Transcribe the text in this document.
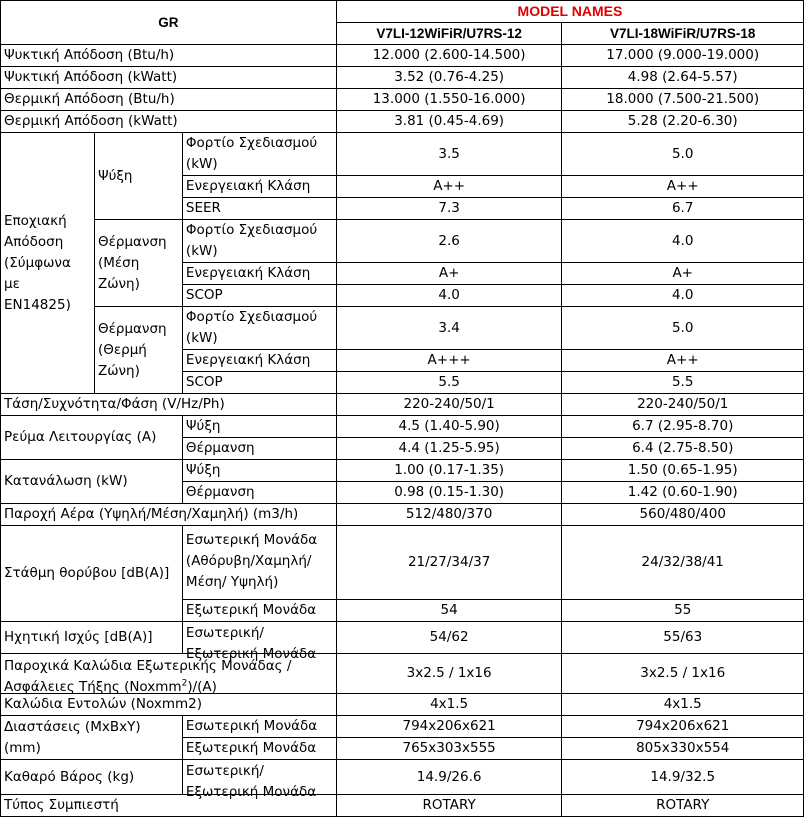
GR			MODEL NAMES	
			V7LI-12WiFiR/U7RS-12	V7LI-18WiFiR/U7RS-18
Ψυκτική Απόδοση (Btu/h)			12.000 (2.600-14.500)	17.000 (9.000-19.000)
Ψυκτική Απόδοση (kWatt)			3.52 (0.76-4.25)	4.98 (2.64-5.57)
Θερμική Απόδοση (Btu/h)			13.000 (1.550-16.000)	18.000 (7.500-21.500)
Θερμική Απόδοση (kWatt)			3.81 (0.45-4.69)	5.28 (2.20-6.30)
Εποχιακή Απόδοση (Σύμφωνα με EN14825)	Ψύξη	Φορτίο Σχεδιασμού (kW)	3.5	5.0
		Ενεργειακή Κλάση	A++	A++
		SEER	7.3	6.7
	Θέρμανση (Μέση Ζώνη)	Φορτίο Σχεδιασμού (kW)	2.6	4.0
		Ενεργειακή Κλάση	A+	A+
		SCOP	4.0	4.0
	Θέρμανση (Θερμή Ζώνη)	Φορτίο Σχεδιασμού (kW)	3.4	5.0
		Ενεργειακή Κλάση	A+++	A++
		SCOP	5.5	5.5
Τάση/Συχνότητα/Φάση (V/Hz/Ph)			220-240/50/1	220-240/50/1
Ρεύμα Λειτουργίας (A)		Ψύξη	4.5 (1.40-5.90)	6.7 (2.95-8.70)
		Θέρμανση	4.4 (1.25-5.95)	6.4 (2.75-8.50)
Κατανάλωση (kW)		Ψύξη	1.00 (0.17-1.35)	1.50 (0.65-1.95)
		Θέρμανση	0.98 (0.15-1.30)	1.42 (0.60-1.90)
Παροχή Αέρα (Υψηλή/Μέση/Χαμηλή) (m3/h)			512/480/370	560/480/400
Στάθμη θορύβου [dB(A)]		Εσωτερική Μονάδα (Αθόρυβη/Χαμηλή/Μέση/ Υψηλή)	21/27/34/37	24/32/38/41
		Εξωτερική Μονάδα	54	55
Ηχητική Ισχύς [dB(A)]		Εσωτερική/Εξωτερική Μονάδα	54/62	55/63

Παροχικά Καλώδια Εξωτερικής Μονάδας / Ασφάλειες Τήξης (Noxmm$^2$)/(A)			3x2.5 / 1x16	3x2.5 / 1x16
Καλώδια Εντολών (Noxmm2)			4x1.5	4x1.5
Διαστάσεις (ΜxΒxΥ) (mm)		Εσωτερική Μονάδα	794x206x621	794x206x621
		Εξωτερική Μονάδα	765x303x555	805x330x554
Καθαρό Βάρος (kg)		Εσωτερική/Εξωτερική Μονάδα	14.9/26.6	14.9/32.5
Τύπος Συμπιεστή			ROTARY	ROTARY
